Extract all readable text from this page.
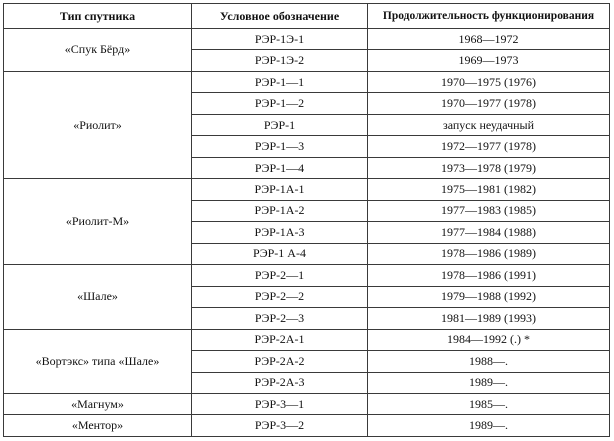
Тип спутника	Условное обозначение	Продолжительность функционирования
«Спук Бёрд»	РЭР-1Э-1	1968—1972
	РЭР-1Э-2	1969—1973
«Риолит»	РЭР-1—1	1970—1975 (1976)
	РЭР-1—2	1970—1977 (1978)
	РЭР-1	запуск неудачный
	РЭР-1—3	1972—1977 (1978)
	РЭР-1—4	1973—1978 (1979)
«Риолит-М»	РЭР-1А-1	1975—1981 (1982)
	РЭР-1А-2	1977—1983 (1985)
	РЭР-1А-3	1977—1984 (1988)
	РЭР-1 А-4	1978—1986 (1989)
«Шале»	РЭР-2—1	1978—1986 (1991)
	РЭР-2—2	1979—1988 (1992)
	РЭР-2—3	1981—1989 (1993)
«Вортэкс» типа «Шале»	РЭР-2А-1	1984—1992 (.) *
	РЭР-2А-2	1988—.
	РЭР-2А-3	1989—.
«Магнум»	РЭР-3—1	1985—.
«Ментор»	РЭР-3—2	1989—.
